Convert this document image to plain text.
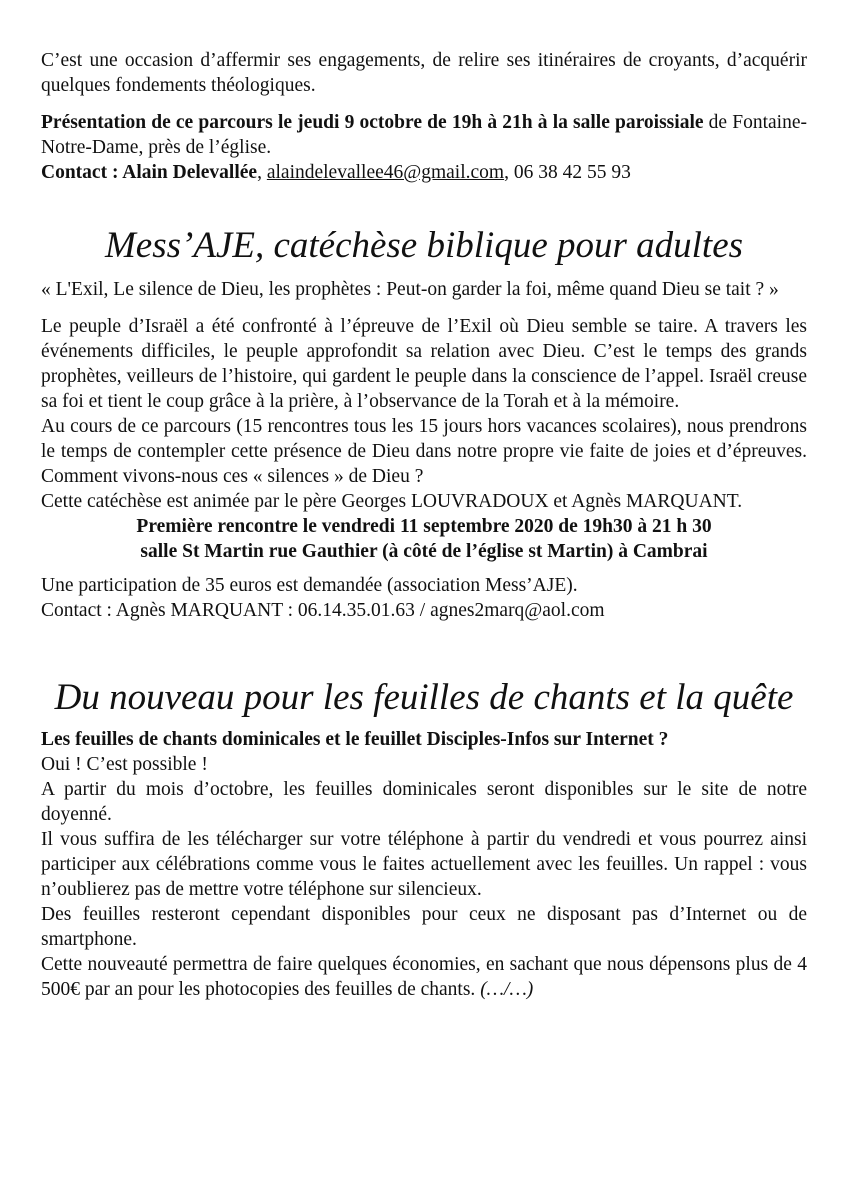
C’est une occasion d’affermir ses engagements, de relire ses itinéraires de croyants, d’acquérir quelques fondements théologiques.

Présentation de ce parcours le jeudi 9 octobre de 19h à 21h à la salle paroissiale de Fontaine-Notre-Dame, près de l’église.

Contact : Alain Delevallée, alaindelevallee46@gmail.com, 06 38 42 55 93

Mess’AJE, catéchèse biblique pour adultes

« L'Exil, Le silence de Dieu, les prophètes : Peut-on garder la foi, même quand Dieu se tait ? »

Le peuple d’Israël a été confronté à l’épreuve de l’Exil où Dieu semble se taire. A travers les événements difficiles, le peuple approfondit sa relation avec Dieu. C’est le temps des grands prophètes, veilleurs de l’histoire, qui gardent le peuple dans la conscience de l’appel. Israël creuse sa foi et tient le coup grâce à la prière, à l’observance de la Torah et à la mémoire.

Au cours de ce parcours (15 rencontres tous les 15 jours hors vacances scolaires), nous prendrons le temps de contempler cette présence de Dieu dans notre propre vie faite de joies et d’épreuves. Comment vivons-nous ces « silences » de Dieu ?

Cette catéchèse est animée par le père Georges LOUVRADOUX et Agnès MARQUANT.

Première rencontre le vendredi 11 septembre 2020 de 19h30 à 21 h 30

salle St Martin rue Gauthier (à côté de l’église st Martin) à Cambrai

Une participation de 35 euros est demandée (association Mess’AJE).

Contact : Agnès MARQUANT : 06.14.35.01.63 / agnes2marq@aol.com

Du nouveau pour les feuilles de chants et la quête

Les feuilles de chants dominicales et le feuillet Disciples-Infos sur Internet ?

Oui ! C’est possible !

A partir du mois d’octobre, les feuilles dominicales seront disponibles sur le site de notre doyenné.

Il vous suffira de les télécharger sur votre téléphone à partir du vendredi et vous pourrez ainsi participer aux célébrations comme vous le faites actuellement avec les feuilles. Un rappel : vous n’oublierez pas de mettre votre téléphone sur silencieux.

Des feuilles resteront cependant disponibles pour ceux ne disposant pas d’Internet ou de smartphone.

Cette nouveauté permettra de faire quelques économies, en sachant que nous dépensons plus de 4 500€ par an pour les photocopies des feuilles de chants. (…/…)
